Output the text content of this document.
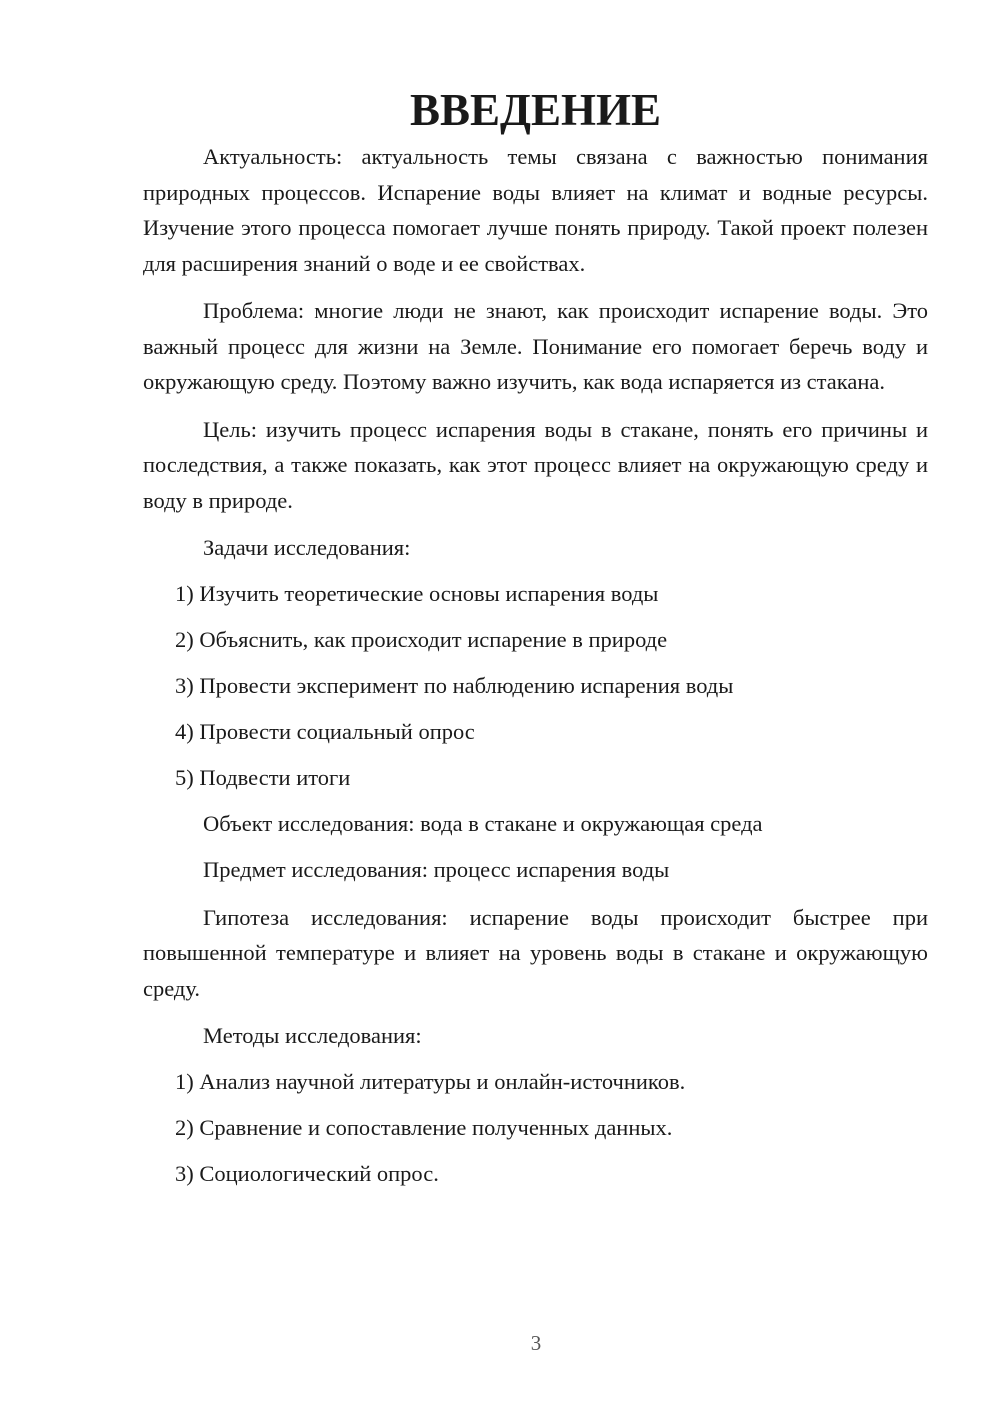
ВВЕДЕНИЕ

Актуальность: актуальность темы связана с важностью понимания природных процессов. Испарение воды влияет на климат и водные ресурсы. Изучение этого процесса помогает лучше понять природу. Такой проект полезен для расширения знаний о воде и ее свойствах.

Проблема: многие люди не знают, как происходит испарение воды. Это важный процесс для жизни на Земле. Понимание его помогает беречь воду и окружающую среду. Поэтому важно изучить, как вода испаряется из стакана.

Цель: изучить процесс испарения воды в стакане, понять его причины и последствия, а также показать, как этот процесс влияет на окружающую среду и воду в природе.

Задачи исследования:

1) Изучить теоретические основы испарения воды

2) Объяснить, как происходит испарение в природе

3) Провести эксперимент по наблюдению испарения воды

4) Провести социальный опрос

5) Подвести итоги

Объект исследования: вода в стакане и окружающая среда

Предмет исследования: процесс испарения воды

Гипотеза исследования: испарение воды происходит быстрее при повышенной температуре и влияет на уровень воды в стакане и окружающую среду.

Методы исследования:

1) Анализ научной литературы и онлайн-источников.

2) Сравнение и сопоставление полученных данных.

3) Социологический опрос.

3
